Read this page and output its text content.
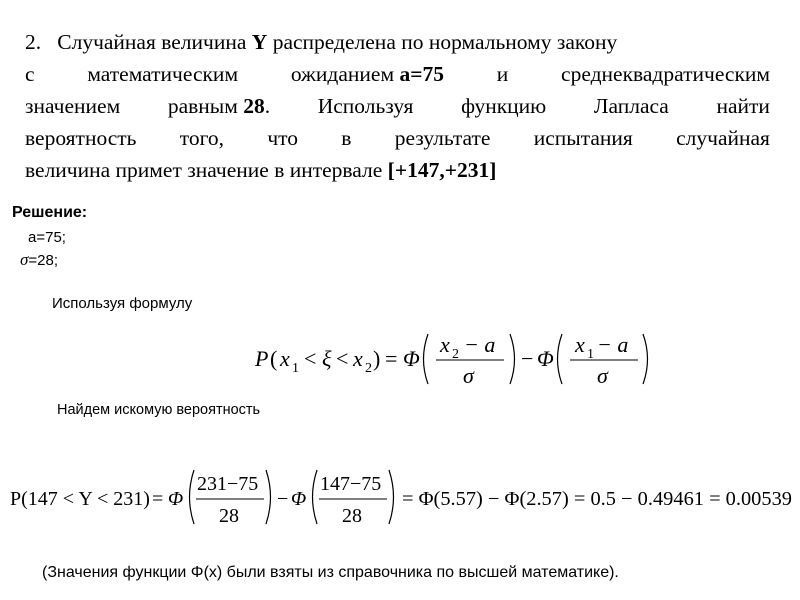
2.
Случайная величина Y распределена по нормальному закону
с математическим ожиданием а=75 и среднеквадратическим
значением равным 28. Используя функцию Лапласа найти
вероятность того, что в результате испытания случайная
величина примет значение в интервале [+147,+231]
Решение:
a=75;
σ=28;
Используя формулу
P ( x 1 < ξ < x 2 ) = Φ
x 2 − a
σ
− Φ
x 1 − a
σ
Найдем искомую вероятность
P(147 < Y < 231) = Φ
231−75
28
− Φ
147−75
28
= Φ(5.57) − Φ(2.57) = 0.5 − 0.49461 = 0.00539
(Значения функции Φ(x) были взяты из справочника по высшей математике).
